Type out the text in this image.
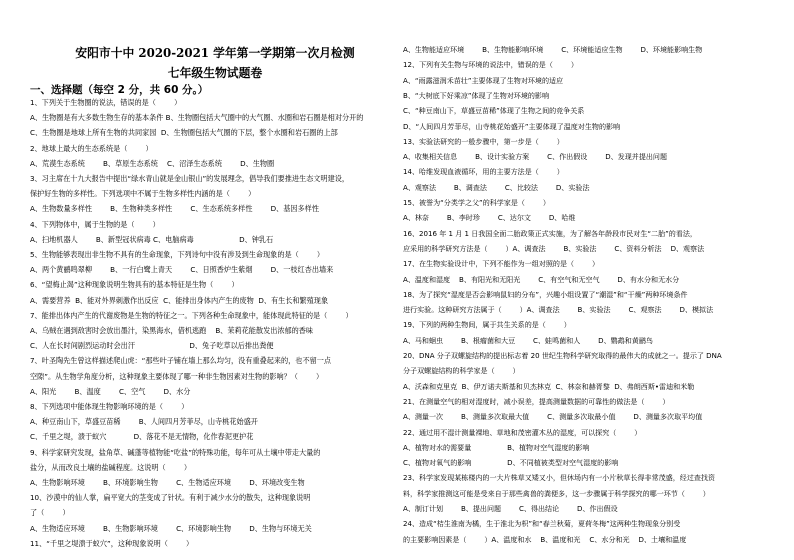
安阳市十中 2020-2021 学年第一学期第一次月检测
七年级生物试题卷
一、选择题（每空 2 分，共 60 分。）
1、下列关于生物圈的说法，错误的是（        ）
A、生物圈是有大多数生物生存的基本条件 B、生物圈包括大气圈中的大气圈、水圈和岩石圈是相对分开的
C、生物圈是地球上所有生物的共同家园  D、生物圈包括大气圈的下层，整个水圈和岩石圈的上部
2、地球上最大的生态系统是（        ）
A、荒漠生态系统        B、草原生态系统    C、沼泽生态系统        D、生物圈
3、习主席在十九大报告中提出“绿水青山就是金山银山”的发展理念，倡导我们要推进生态文明建设，
保护好生物的多样性。下列选项中不属于生物多样性内涵的是（        ）
A、生物数量多样性        B、生物种类多样性        C、生态系统多样性        D、基因多样性
4、下列物体中，属于生物的是（        ）
A、扫地机器人        B、新型冠状病毒 C、电脑病毒                    D、钟乳石
5、生物能够表现出非生物不具有的生命现象，下列诗句中没有涉及到生命现象的是（        ）
A、两个黄鹂鸣翠柳        B、一行白鹭上青天        C、日照香炉生紫烟        D、一枝红杏出墙来
6、“望梅止渴”这种现象说明生物具有的基本特征是生物（        ）
A、需要营养  B、能对外界刺激作出反应  C、能排出身体内产生的废物  D、有生长和繁殖现象
7、能排出体内产生的代谢废物是生物的特征之一。下列各种生命现象中，能体现此特征的是（        ）
A、乌贼在遇到敌害时会放出墨汁，染黑海水，借机逃跑    B、茉莉花能散发出浓郁的香味
C、人在长时间剧烈运动时会出汗                        D、兔子吃草以后排出粪便
7、叶圣陶先生曾这样描述爬山虎：“那些叶子铺在墙上那么均匀，没有重叠起来的，也不留一点
空隙”。从生物学角度分析，这种现象主要体现了哪一种非生物因素对生物的影响？（        ）
A、阳光        B、温度        C、空气        D、水分
8、下列选项中能体现生物影响环境的是（        ）
A、种豆南山下，草盛豆苗稀        B、人间四月芳菲尽，山寺桃花始盛开
C、千里之堤，溃于蚁穴            D、落花不是无情物，化作春泥更护花
9、科学家研究发现，盐角草、碱蓬等植物能“吃盐”的特殊功能，每年可从土壤中带走大量的
盐分，从而改良土壤的盐碱程度。这说明（        ）
A、生物影响环境        B、环境影响生物        C、生物适应环境        D、环境改变生物
10、沙漠中的仙人掌，扁平宽大的茎变成了针状。有利于减少水分的散失，这种现象说明
了（        ）
A、生物适应环境        B、生物影响环境        C、环境影响生物        D、生物与环境无关
11、“千里之堤溃于蚁穴”，这种现象说明（        ）
A、生物能适应环境        B、生物能影响环境        C、环境能适应生物        D、环境能影响生物
12、下列有关生物与环境的说法中，错误的是（        ）
A、“雨露滋润禾苗壮”主要体现了生物对环境的适应
B、“大树底下好乘凉”体现了生物对环境的影响
C、“种豆南山下，草盛豆苗稀”体现了生物之间的竞争关系
D、“人间四月芳菲尽，山寺桃花始盛开”主要体现了温度对生物的影响
13、实验法研究的一般步骤中，第一步是（        ）
A、收集相关信息        B、设计实验方案        C、作出假设        D、发现并提出问题
14、哈维发现血液循环，用的主要方法是（        ）
A、观察法        B、调查法        C、比较法        D、实验法
15、被誉为“分类学之父”的科学家是（        ）
A、林奈        B、李时珍        C、达尔文        D、哈维
16、2016 年 1 月 1 日我国全面二胎政策正式实施，为了解各年龄段市民对生“二胎”的看法，
应采用的科学研究方法是（        ）A、调查法        B、实验法        C、资料分析法    D、观察法
17、在生物实验设计中，下列不能作为一组对照的是（        ）
A、温度和湿度    B、有阳光和无阳光        C、有空气和无空气        D、有水分和无水分
18、为了探究“湿度是否会影响鼠妇的分布”，兴趣小组设置了“潮湿”和“干燥”两种环境条件
进行实验。这种研究方法属于（        ）A、调查法        B、实验法        C、观察法        D、模拟法
19、下列的两种生物间，属于共生关系的是（        ）
A、马和蛔虫        B、根瘤菌和大豆        C、蛙鸣菌和人        D、鹦鹉和黄鹂鸟
20、DNA 分子双螺旋结构的提出标志着 20 世纪生物科学研究取得的最伟大的成就之一。提示了 DNA
分子双螺旋结构的科学家是（        ）
A、沃森和克里克  B、伊万诺夫斯基和贝杰林克  C、林奈和赫胥黎  D、弗朗西斯•雷迪和米勒
21、在测量空气的相对湿度时，减小误差，提高测量数据的可靠性的做法是（        ）
A、测量一次        B、测量多次取最大值        C、测量多次取最小值        D、测量多次取平均值
22、通过用不湿计测量裸地、草地和茂密灌木丛的湿度，可以探究（        ）
A、植物对水的需要量                B、植物对空气湿度的影响
C、植物对氧气的影响                D、不同植被类型对空气湿度的影响
23、科学家发现某栋楼内的一大片株草又矮又小，但休场内有一小片秋草长得非常茂盛，经过查找资
料，科学家推测这可能是受来自于那些禽兽的粪便多，这一步骤属于科学探究的哪一环节（        ）
A、制订计划        B、提出问题        C、得出结论        D、作出假设
24、造成“桔生淮南为橘，生于淮北为枳”和“春兰秋菊，夏荷冬梅”这两种生物现象分别受
的主要影响因素是（        ）A、温度和水    B、温度和光    C、水分和光    D、土壤和温度
